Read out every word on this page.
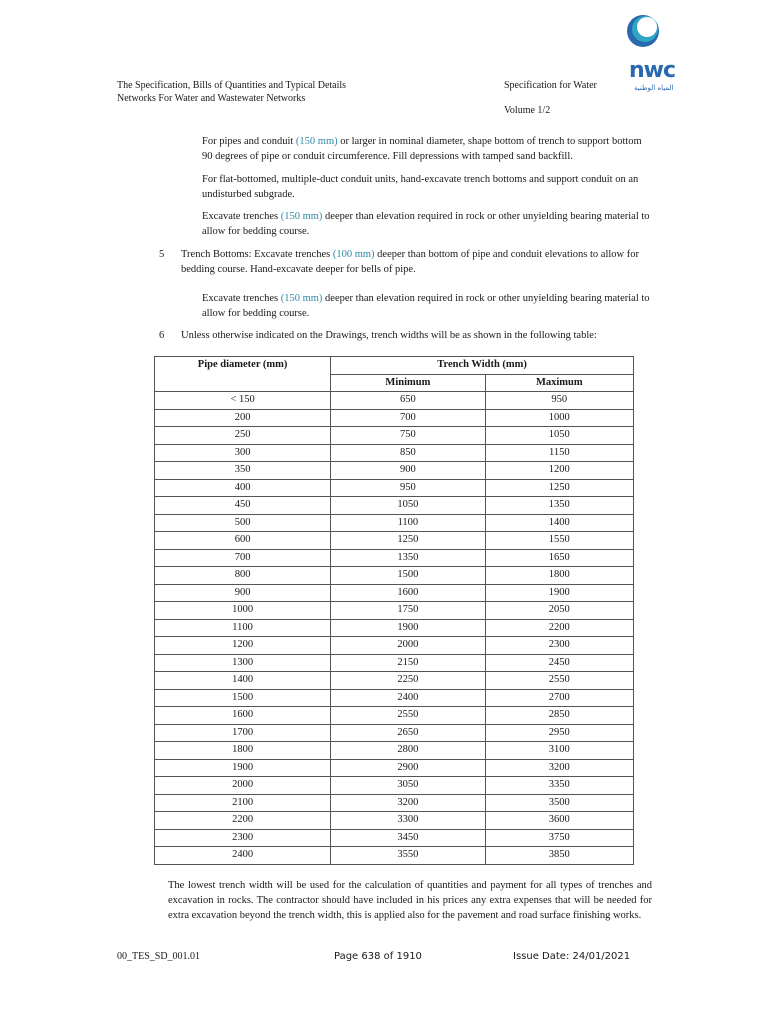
The Specification, Bills of Quantities and Typical Details
Networks For Water and Wastewater Networks
Specification for Water
Volume 1/2
nwc
المياه الوطنية
For pipes and conduit (150 mm) or larger in nominal diameter, shape bottom of trench to support bottom 90 degrees of pipe or conduit circumference. Fill depressions with tamped sand backfill.
For flat-bottomed, multiple-duct conduit units, hand-excavate trench bottoms and support conduit on an undisturbed subgrade.
Excavate trenches (150 mm) deeper than elevation required in rock or other unyielding bearing material to allow for bedding course.
5 Trench Bottoms: Excavate trenches (100 mm) deeper than bottom of pipe and conduit elevations to allow for bedding course. Hand-excavate deeper for bells of pipe.
Excavate trenches (150 mm) deeper than elevation required in rock or other unyielding bearing material to allow for bedding course.
6 Unless otherwise indicated on the Drawings, trench widths will be as shown in the following table:
Pipe diameter (mm)	Trench Width (mm)	
	Minimum	Maximum
< 150	650	950
200	700	1000
250	750	1050
300	850	1150
350	900	1200
400	950	1250
450	1050	1350
500	1100	1400
600	1250	1550
700	1350	1650
800	1500	1800
900	1600	1900
1000	1750	2050
1100	1900	2200
1200	2000	2300
1300	2150	2450
1400	2250	2550
1500	2400	2700
1600	2550	2850
1700	2650	2950
1800	2800	3100
1900	2900	3200
2000	3050	3350
2100	3200	3500
2200	3300	3600
2300	3450	3750
2400	3550	3850
The lowest trench width will be used for the calculation of quantities and payment for all types of trenches and excavation in rocks. The contractor should have included in his prices any extra expenses that will be needed for extra excavation beyond the trench width, this is applied also for the pavement and road surface finishing works.
00_TES_SD_001.01	Page 638 of 1910	Issue Date: 24/01/2021
